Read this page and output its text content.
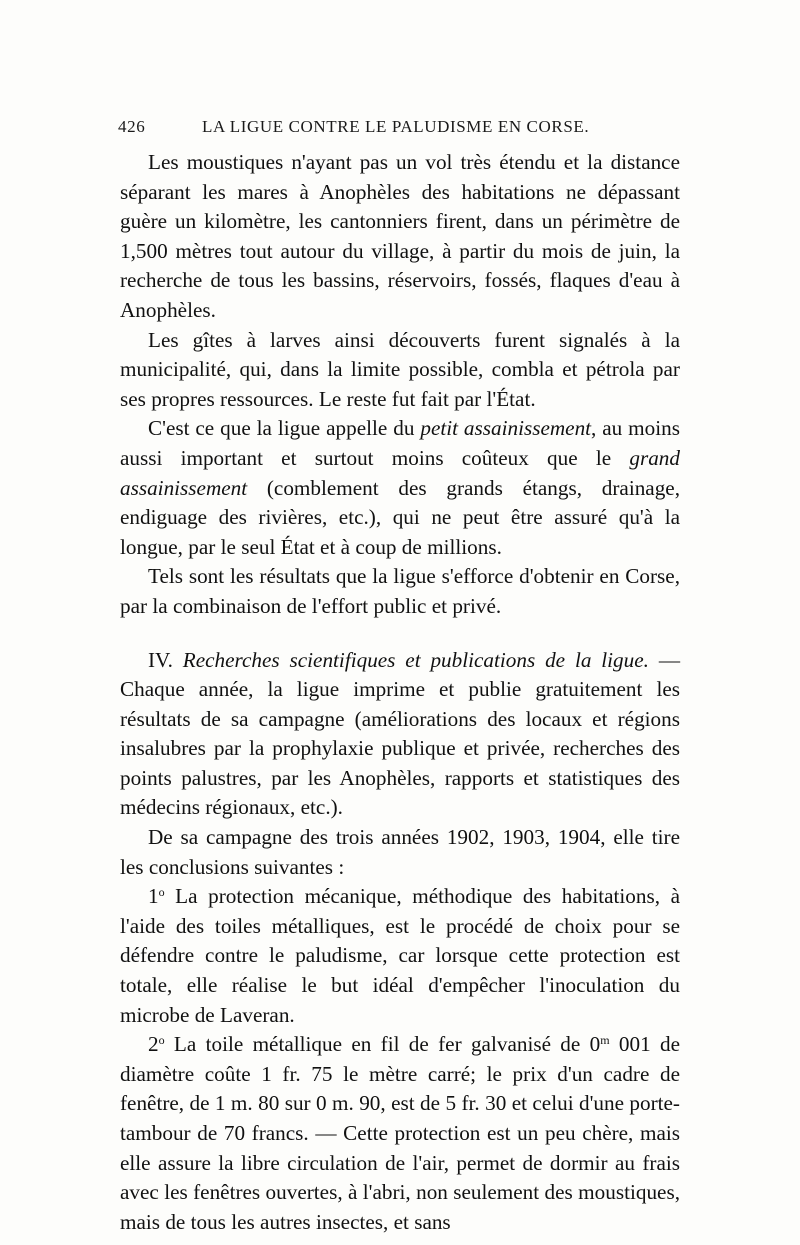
426	LA LIGUE CONTRE LE PALUDISME EN CORSE.

Les moustiques n'ayant pas un vol très étendu et la distance séparant les mares à Anophèles des habitations ne dépassant guère un kilomètre, les cantonniers firent, dans un périmètre de 1,500 mètres tout autour du village, à partir du mois de juin, la recherche de tous les bassins, réservoirs, fossés, flaques d'eau à Anophèles.

Les gîtes à larves ainsi découverts furent signalés à la municipalité, qui, dans la limite possible, combla et pétrola par ses propres ressources. Le reste fut fait par l'État.

C'est ce que la ligue appelle du petit assainissement, au moins aussi important et surtout moins coûteux que le grand assainissement (comblement des grands étangs, drainage, endiguage des rivières, etc.), qui ne peut être assuré qu'à la longue, par le seul État et à coup de millions.

Tels sont les résultats que la ligue s'efforce d'obtenir en Corse, par la combinaison de l'effort public et privé.

IV. Recherches scientifiques et publications de la ligue. — Chaque année, la ligue imprime et publie gratuitement les résultats de sa campagne (améliorations des locaux et régions insalubres par la prophylaxie publique et privée, recherches des points palustres, par les Anophèles, rapports et statistiques des médecins régionaux, etc.).

De sa campagne des trois années 1902, 1903, 1904, elle tire les conclusions suivantes :

1$^o$ La protection mécanique, méthodique des habitations, à l'aide des toiles métalliques, est le procédé de choix pour se défendre contre le paludisme, car lorsque cette protection est totale, elle réalise le but idéal d'empêcher l'inoculation du microbe de Laveran.

2$^o$ La toile métallique en fil de fer galvanisé de 0$^m$ 001 de diamètre coûte 1 fr. 75 le mètre carré; le prix d'un cadre de fenêtre, de 1 m. 80 sur 0 m. 90, est de 5 fr. 30 et celui d'une porte-tambour de 70 francs. — Cette protection est un peu chère, mais elle assure la libre circulation de l'air, permet de dormir au frais avec les fenêtres ouvertes, à l'abri, non seulement des moustiques, mais de tous les autres insectes, et sans
